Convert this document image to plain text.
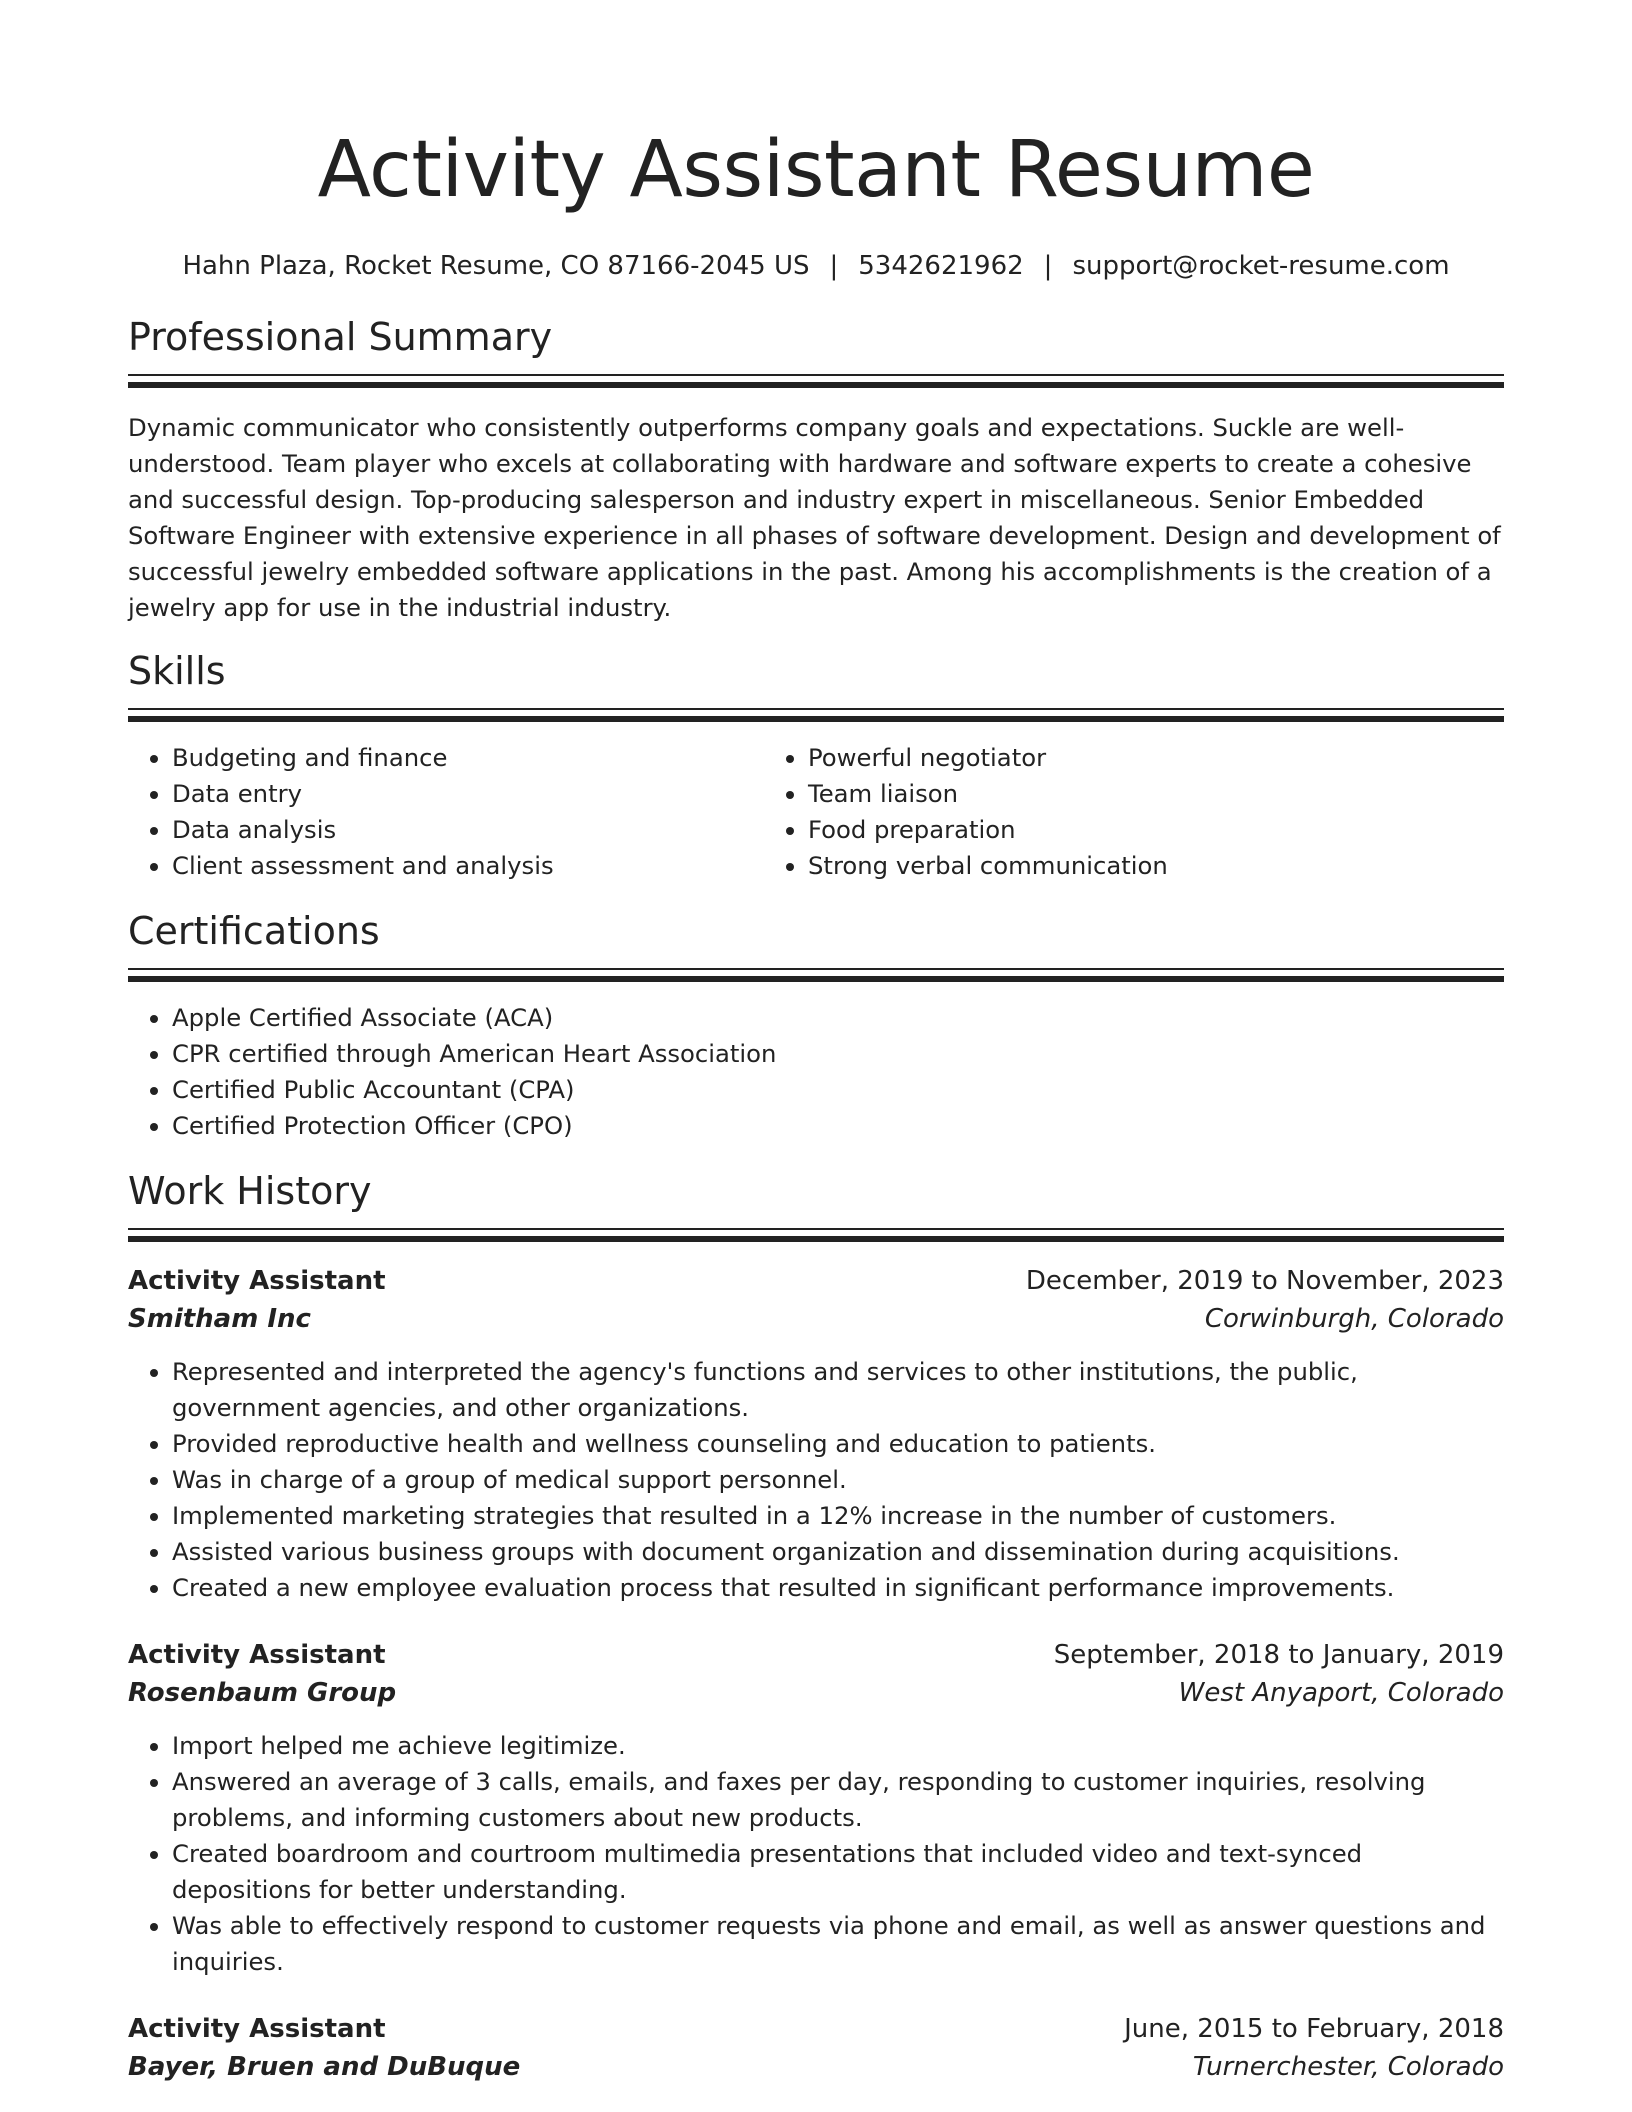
Activity Assistant Resume
Hahn Plaza, Rocket Resume, CO 87166-2045 US | 5342621962 | support@rocket-resume.com
Professional Summary

Dynamic communicator who consistently outperforms company goals and expectations. Suckle are well-understood. Team player who excels at collaborating with hardware and software experts to create a cohesive and successful design. Top-producing salesperson and industry expert in miscellaneous. Senior Embedded Software Engineer with extensive experience in all phases of software development. Design and development of successful jewelry embedded software applications in the past. Among his accomplishments is the creation of a jewelry app for use in the industrial industry.

Skills
• Budgeting and finance
• Data entry
• Data analysis
• Client assessment and analysis
• Powerful negotiator
• Team liaison
• Food preparation
• Strong verbal communication
Certifications
• Apple Certified Associate (ACA)
• CPR certified through American Heart Association
• Certified Public Accountant (CPA)
• Certified Protection Officer (CPO)
Work History
Activity Assistant	December, 2019 to November, 2023
Smitham Inc	Corwinburgh, Colorado
• Represented and interpreted the agency's functions and services to other institutions, the public, government agencies, and other organizations.
• Provided reproductive health and wellness counseling and education to patients.
• Was in charge of a group of medical support personnel.
• Implemented marketing strategies that resulted in a 12% increase in the number of customers.
• Assisted various business groups with document organization and dissemination during acquisitions.
• Created a new employee evaluation process that resulted in significant performance improvements.
Activity Assistant	September, 2018 to January, 2019
Rosenbaum Group	West Anyaport, Colorado
• Import helped me achieve legitimize.
• Answered an average of 3 calls, emails, and faxes per day, responding to customer inquiries, resolving problems, and informing customers about new products.
• Created boardroom and courtroom multimedia presentations that included video and text-synced depositions for better understanding.
• Was able to effectively respond to customer requests via phone and email, as well as answer questions and inquiries.
Activity Assistant	June, 2015 to February, 2018
Bayer, Bruen and DuBuque	Turnerchester, Colorado
